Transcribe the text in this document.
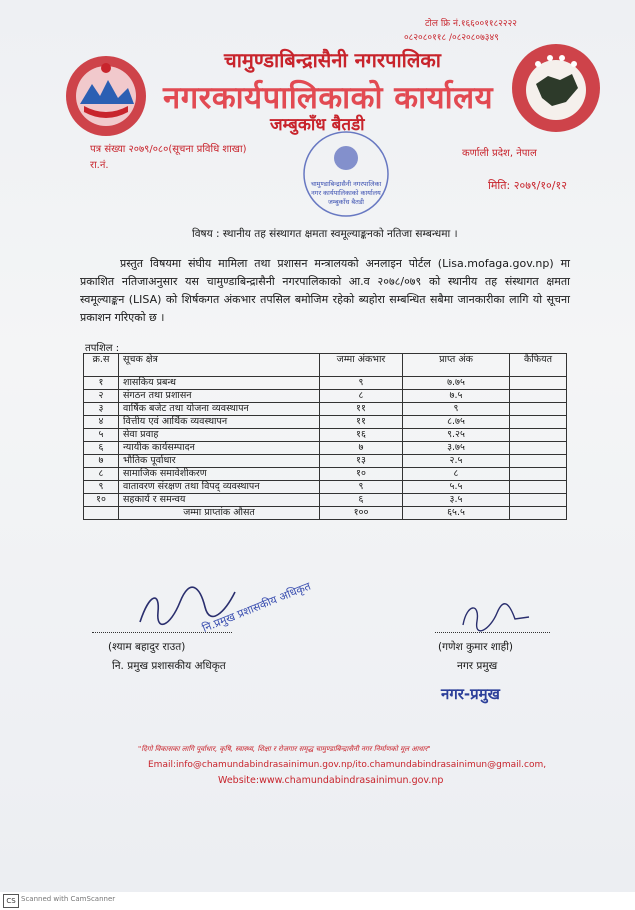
टोल फ्रि नं.१६६००११८२२२२
०८२०८०११८ /०८२०८०७३४९
चामुण्डाबिन्द्रासैनी नगरपालिका
नगरकार्यपालिकाको कार्यालय
जम्बुकाँध बैतडी
पत्र संख्या २०७९/०८०(सूचना प्रविधि शाखा)
रा.नं.
कर्णाली प्रदेश, नेपाल
मिति: २०७९/१०/१२
चामुण्डाबिन्द्रासैनी नगरपालिका
नगर कार्यपालिकाको कार्यालय
जम्बुकाँध बैतडी
विषय : स्थानीय तह संस्थागत क्षमता स्वमूल्याङ्कनको नतिजा सम्बन्धमा ।
प्रस्तुत विषयमा संघीय मामिला तथा प्रशासन मन्त्रालयको अनलाइन पोर्टल (Lisa.mofaga.gov.np) मा प्रकाशित नतिजाअनुसार यस चामुण्डाबिन्द्रासैनी नगरपालिकाको आ.व २०७८/०७९ को स्थानीय तह संस्थागत क्षमता स्वमूल्याङ्कन (LISA) को शिर्षकगत अंकभार तपसिल बमोजिम रहेको ब्यहोरा सम्बन्धित सबैमा जानकारीका लागि यो सूचना प्रकाशन गरिएको छ ।
तपशिल :
क्र.स	सूचक क्षेत्र	जम्मा अंकभार	प्राप्त अंक	कैफियत
१	शासकिय प्रबन्ध	९	७.७५	
२	संगठन तथा प्रशासन	८	७.५	
३	वार्षिक बजेट तथा योजना व्यवस्थापन	११	९	
४	वित्तीय एवं आर्थिक व्यवस्थापन	११	८.७५	
५	सेवा प्रवाह	१६	९.२५	
६	न्यायीक कार्यसम्पादन	७	३.७५	
७	भौतिक पूर्वाधार	१३	२.५	
८	सामाजिक समावेशीकरण	१०	८	
९	वातावरण संरक्षण तथा विपद् व्यवस्थापन	९	५.५	
१०	सहकार्य र समन्वय	६	३.५	
	जम्मा प्राप्तांक औसत	१००	६५.५	
नि.प्रमुख प्रशासकीय अधिकृत
(श्याम बहादुर राउत)
नि. प्रमुख प्रशासकीय अधिकृत
(गणेश कुमार शाही)
नगर प्रमुख
नगर-प्रमुख
"दिगो विकासका लागि पूर्वाधार, कृषि, स्वास्थ्य, शिक्षा र रोजगार समृद्ध चामुण्डाबिन्द्रासैनी नगर निर्माणको मूल आधार"
Email:info@chamundabindrasainimun.gov.np/ito.chamundabindrasainimun@gmail.com,
Website:www.chamundabindrasainimun.gov.np
CS Scanned with CamScanner
